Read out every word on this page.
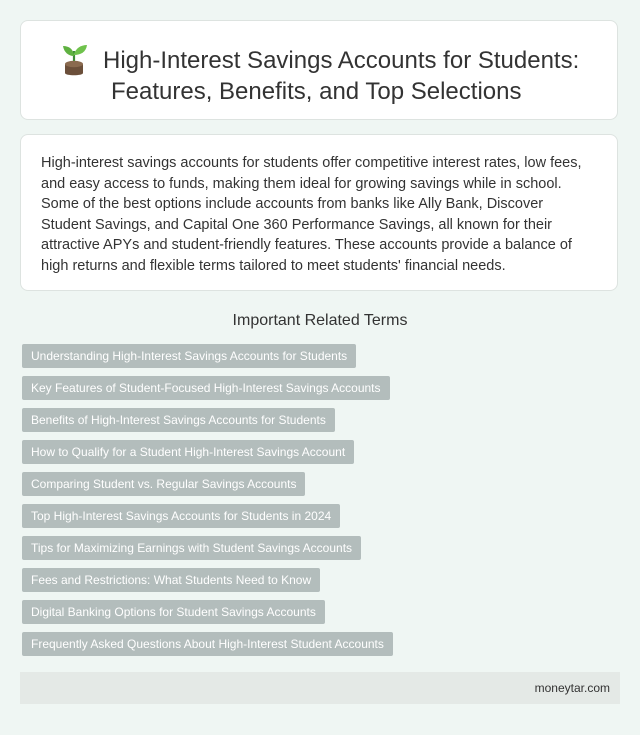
High-Interest Savings Accounts for Students:
Features, Benefits, and Top Selections

High-interest savings accounts for students offer competitive interest rates, low fees, and easy access to funds, making them ideal for growing savings while in school. Some of the best options include accounts from banks like Ally Bank, Discover Student Savings, and Capital One 360 Performance Savings, all known for their attractive APYs and student-friendly features. These accounts provide a balance of high returns and flexible terms tailored to meet students' financial needs.

Important Related Terms
Understanding High-Interest Savings Accounts for Students
Key Features of Student-Focused High-Interest Savings Accounts
Benefits of High-Interest Savings Accounts for Students
How to Qualify for a Student High-Interest Savings Account
Comparing Student vs. Regular Savings Accounts
Top High-Interest Savings Accounts for Students in 2024
Tips for Maximizing Earnings with Student Savings Accounts
Fees and Restrictions: What Students Need to Know
Digital Banking Options for Student Savings Accounts
Frequently Asked Questions About High-Interest Student Accounts
moneytar.com
